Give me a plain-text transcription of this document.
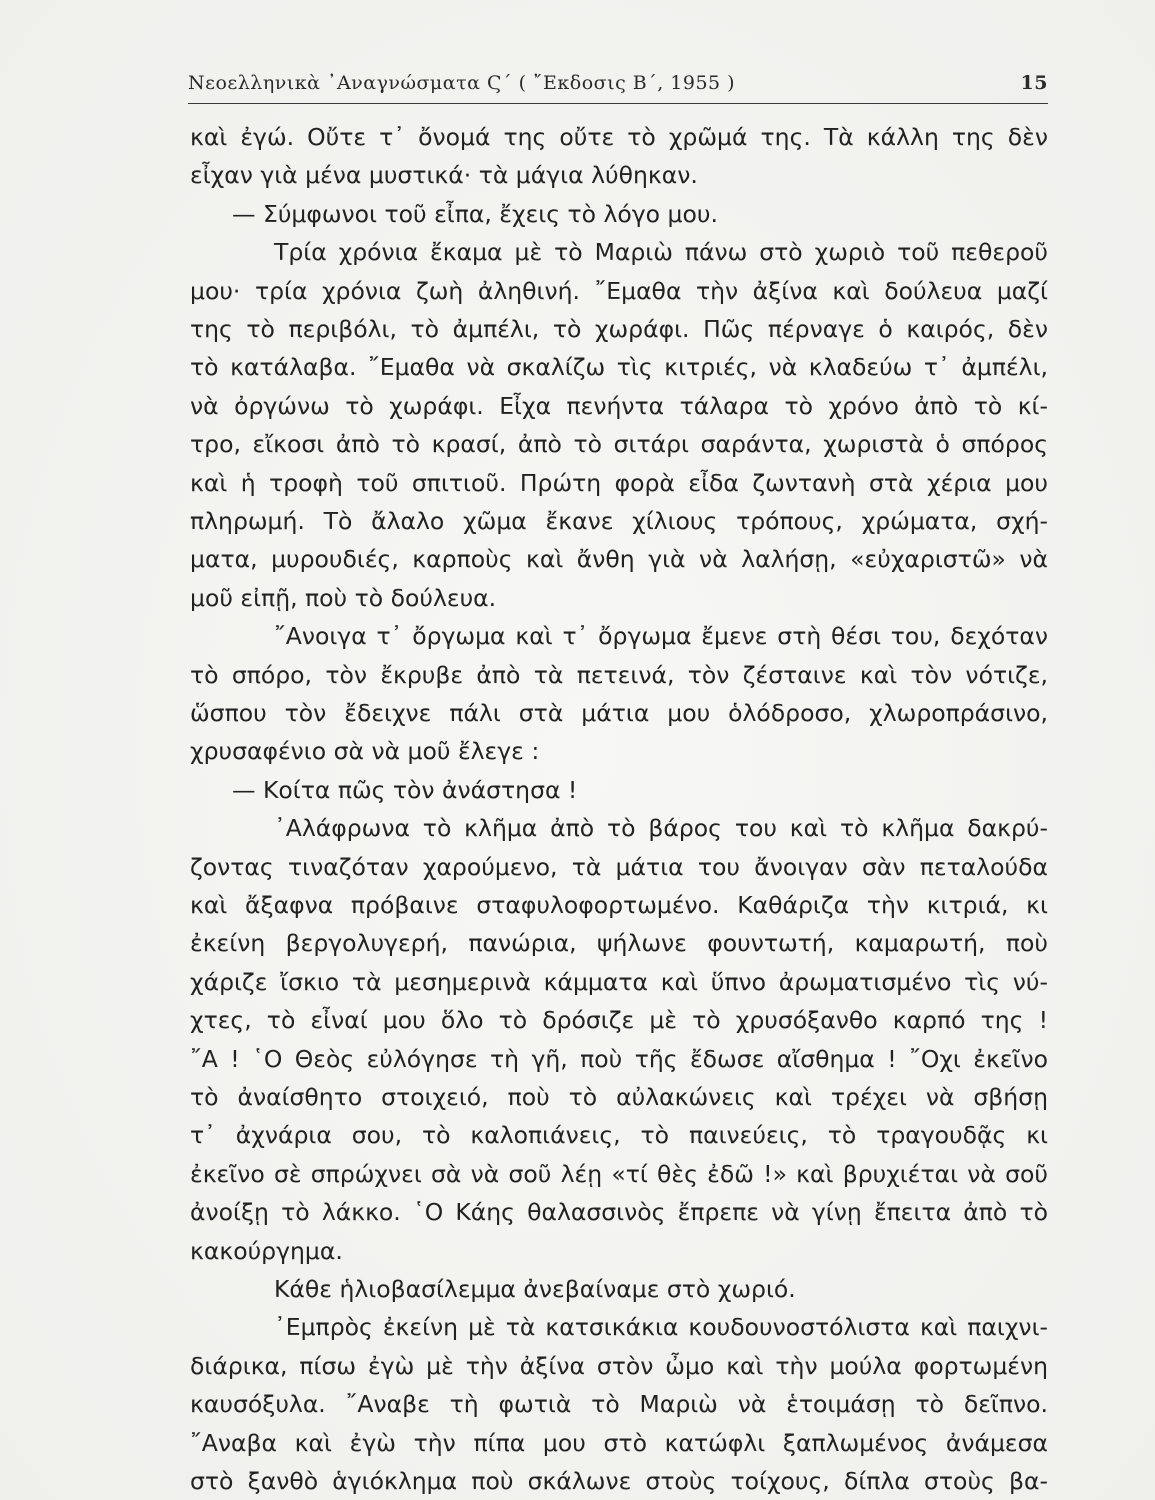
Νεοελληνικὰ ᾽Αναγνώσματα Ϛ΄ ( ῎Εκδοσις Β΄, 1955 )	15
καὶ ἐγώ. Οὔτε τ᾽ ὄνομά της οὔτε τὸ χρῶμά της. Τὰ κάλλη της δὲν
εἶχαν γιὰ μένα μυστικά· τὰ μάγια λύθηκαν.
— Σύμφωνοι τοῦ εἶπα, ἔχεις τὸ λόγο μου.
Τρία χρόνια ἔκαμα μὲ τὸ Μαριὼ πάνω στὸ χωριὸ τοῦ πεθεροῦ
μου· τρία χρόνια ζωὴ ἀληθινή. ῎Εμαθα τὴν ἀξίνα καὶ δούλευα μαζί
της τὸ περιβόλι, τὸ ἀμπέλι, τὸ χωράφι. Πῶς πέρναγε ὁ καιρός, δὲν
τὸ κατάλαβα. ῎Εμαθα νὰ σκαλίζω τὶς κιτριές, νὰ κλαδεύω τ᾽ ἀμπέλι,
νὰ ὀργώνω τὸ χωράφι. Εἶχα πενήντα τάλαρα τὸ χρόνο ἀπὸ τὸ κί-
τρο, εἴκοσι ἀπὸ τὸ κρασί, ἀπὸ τὸ σιτάρι σαράντα, χωριστὰ ὁ σπόρος
καὶ ἡ τροφὴ τοῦ σπιτιοῦ. Πρώτη φορὰ εἶδα ζωντανὴ στὰ χέρια μου
πληρωμή. Τὸ ἄλαλο χῶμα ἔκανε χίλιους τρόπους, χρώματα, σχή-
ματα, μυρουδιές, καρποὺς καὶ ἄνθη γιὰ νὰ λαλήσῃ, «εὐχαριστῶ» νὰ
μοῦ εἰπῇ, ποὺ τὸ δούλευα.
῎Ανοιγα τ᾽ ὄργωμα καὶ τ᾽ ὄργωμα ἔμενε στὴ θέσι του, δεχόταν
τὸ σπόρο, τὸν ἔκρυβε ἀπὸ τὰ πετεινά, τὸν ζέσταινε καὶ τὸν νότιζε,
ὥσπου τὸν ἔδειχνε πάλι στὰ μάτια μου ὁλόδροσο, χλωροπράσινο,
χρυσαφένιο σὰ νὰ μοῦ ἔλεγε :
— Κοίτα πῶς τὸν ἀνάστησα !
᾽Αλάφρωνα τὸ κλῆμα ἀπὸ τὸ βάρος του καὶ τὸ κλῆμα δακρύ-
ζοντας τιναζόταν χαρούμενο, τὰ μάτια του ἄνοιγαν σὰν πεταλούδα
καὶ ἄξαφνα πρόβαινε σταφυλοφορτωμένο. Καθάριζα τὴν κιτριά, κι
ἐκείνη βεργολυγερή, πανώρια, ψήλωνε φουντωτή, καμαρωτή, ποὺ
χάριζε ἴσκιο τὰ μεσημερινὰ κάμματα καὶ ὕπνο ἀρωματισμένο τὶς νύ-
χτες, τὸ εἶναί μου ὅλο τὸ δρόσιζε μὲ τὸ χρυσόξανθο καρπό της !
῎Α ! ῾Ο Θεὸς εὐλόγησε τὴ γῆ, ποὺ τῆς ἔδωσε αἴσθημα ! ῎Οχι ἐκεῖνο
τὸ ἀναίσθητο στοιχειό, ποὺ τὸ αὐλακώνεις καὶ τρέχει νὰ σβήσῃ
τ᾽ ἀχνάρια σου, τὸ καλοπιάνεις, τὸ παινεύεις, τὸ τραγουδᾷς κι
ἐκεῖνο σὲ σπρώχνει σὰ νὰ σοῦ λέῃ «τί θὲς ἐδῶ !» καὶ βρυχιέται νὰ σοῦ
ἀνοίξῃ τὸ λάκκο. ῾Ο Κάης θαλασσινὸς ἔπρεπε νὰ γίνῃ ἔπειτα ἀπὸ τὸ
κακούργημα.
Κάθε ἡλιοβασίλεμμα ἀνεβαίναμε στὸ χωριό.
᾽Εμπρὸς ἐκείνη μὲ τὰ κατσικάκια κουδουνοστόλιστα καὶ παιχνι-
διάρικα, πίσω ἐγὼ μὲ τὴν ἀξίνα στὸν ὦμο καὶ τὴν μούλα φορτωμένη
καυσόξυλα. ῎Αναβε τὴ φωτιὰ τὸ Μαριὼ νὰ ἑτοιμάσῃ τὸ δεῖπνο.
῎Αναβα καὶ ἐγὼ τὴν πίπα μου στὸ κατώφλι ξαπλωμένος ἀνάμεσα
στὸ ξανθὸ ἁγιόκλημα ποὺ σκάλωνε στοὺς τοίχους, δίπλα στοὺς βα-
